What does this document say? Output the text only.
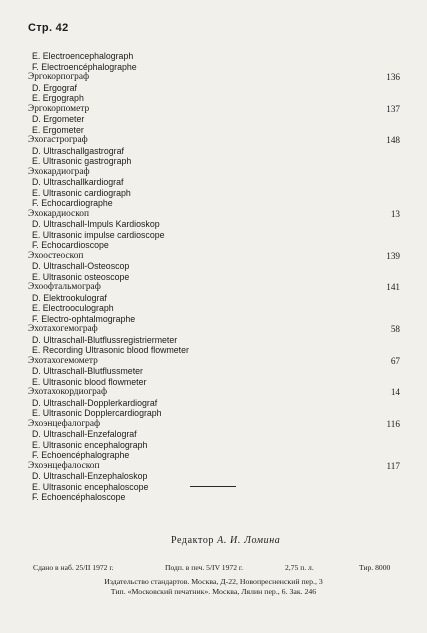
Стр. 42
E. Electroencephalograph
F. Electroencéphalographe
Эргокорпограф	136
D. Ergograf
E. Ergograph
Эргокорпометр	137
D. Ergometer
E. Ergometer
Эхогастрограф	148
D. Ultraschallgastrograf
E. Ultrasonic gastrograph
Эхокардиограф
D. Ultraschallkardiograf
E. Ultrasonic cardiograph
F. Echocardiographe
Эхокардиоскоп	13
D. Ultraschall-Impuls Kardioskop
E. Ultrasonic impulse cardioscope
F. Echocardioscope
Эхоостеоскоп	139
D. Ultraschall-Osteoscop
E. Ultrasonic osteoscope
Эхоофтальмограф	141
D. Elektrookulograf
E. Electrooculograph
F. Electro-ophtalmographe
Эхотахогемограф	58
D. Ultraschall-Blutflussregistriermeter
E. Recording Ultrasonic blood flowmeter
Эхотахогемометр	67
D. Ultraschall-Blutflussmeter
E. Ultrasonic blood flowmeter
Эхотахокордиограф	14
D. Ultraschall-Dopplerkardiograf
E. Ultrasonic Dopplercardiograph
Эхоэнцефалограф	116
D. Ultraschall-Enzefalograf
E. Ultrasonic encephalograph
F. Echoencéphalographe
Эхоэнцефалоскоп	117
D. Ultraschall-Enzephaloskop
E. Ultrasonic encephaloscope
F. Echoencéphaloscope
Редактор А. И. Ломина
Сдано в наб. 25/II 1972 г.	Подп. в печ. 5/IV 1972 г.	2,75 п. л.	Тир. 8000
Издательство стандартов. Москва, Д-22, Новопресненский пер., 3
Тип. «Московский печатник». Москва, Лялин пер., 6. Зак. 246
